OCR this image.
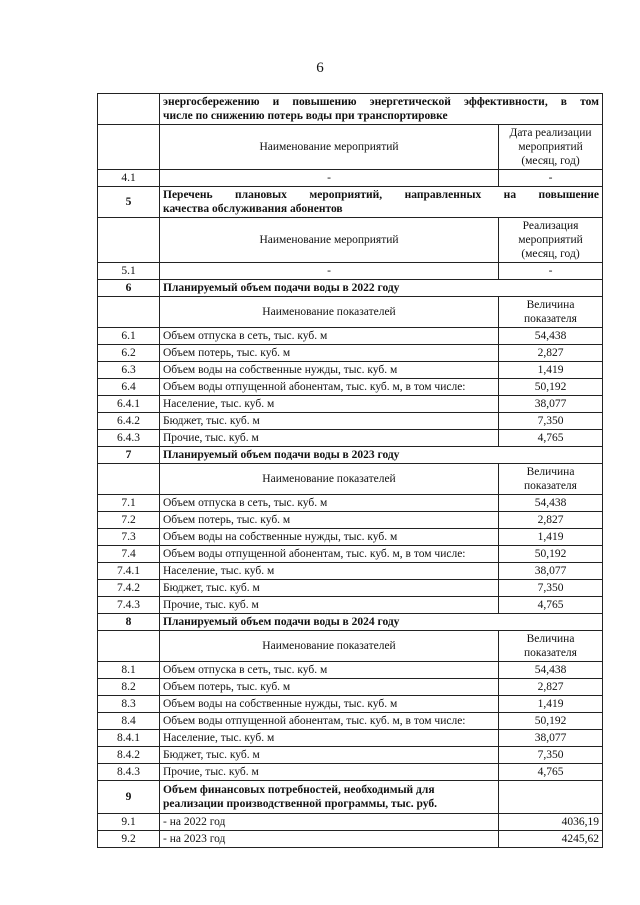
6

	энергосбережению и повышению энергетической эффективности, в том
числе по снижению потерь воды при транспортировке	

	Наименование мероприятий	Дата реализации мероприятий (месяц, год)
4.1	-	-
5	Перечень плановых мероприятий, направленных на повышение
качества обслуживания абонентов	

	Наименование мероприятий	Реализация мероприятий (месяц, год)
5.1	-	-
6	Планируемый объем подачи воды в 2022 году	
	Наименование показателей	Величина показателя
6.1	Объем отпуска в сеть, тыс. куб. м	54,438
6.2	Объем потерь, тыс. куб. м	2,827
6.3	Объем воды на собственные нужды, тыс. куб. м	1,419
6.4	Объем воды отпущенной абонентам, тыс. куб. м, в том числе:	50,192
6.4.1	Население, тыс. куб. м	38,077
6.4.2	Бюджет, тыс. куб. м	7,350
6.4.3	Прочие, тыс. куб. м	4,765
7	Планируемый объем подачи воды в 2023 году	
	Наименование показателей	Величина показателя
7.1	Объем отпуска в сеть, тыс. куб. м	54,438
7.2	Объем потерь, тыс. куб. м	2,827
7.3	Объем воды на собственные нужды, тыс. куб. м	1,419
7.4	Объем воды отпущенной абонентам, тыс. куб. м, в том числе:	50,192
7.4.1	Население, тыс. куб. м	38,077
7.4.2	Бюджет, тыс. куб. м	7,350
7.4.3	Прочие, тыс. куб. м	4,765
8	Планируемый объем подачи воды в 2024 году	
	Наименование показателей	Величина показателя
8.1	Объем отпуска в сеть, тыс. куб. м	54,438
8.2	Объем потерь, тыс. куб. м	2,827
8.3	Объем воды на собственные нужды, тыс. куб. м	1,419
8.4	Объем воды отпущенной абонентам, тыс. куб. м, в том числе:	50,192
8.4.1	Население, тыс. куб. м	38,077
8.4.2	Бюджет, тыс. куб. м	7,350
8.4.3	Прочие, тыс. куб. м	4,765
9	Объем финансовых потребностей, необходимый для реализации производственной программы, тыс. руб.	
9.1	- на 2022 год	4036,19
9.2	- на 2023 год	4245,62
